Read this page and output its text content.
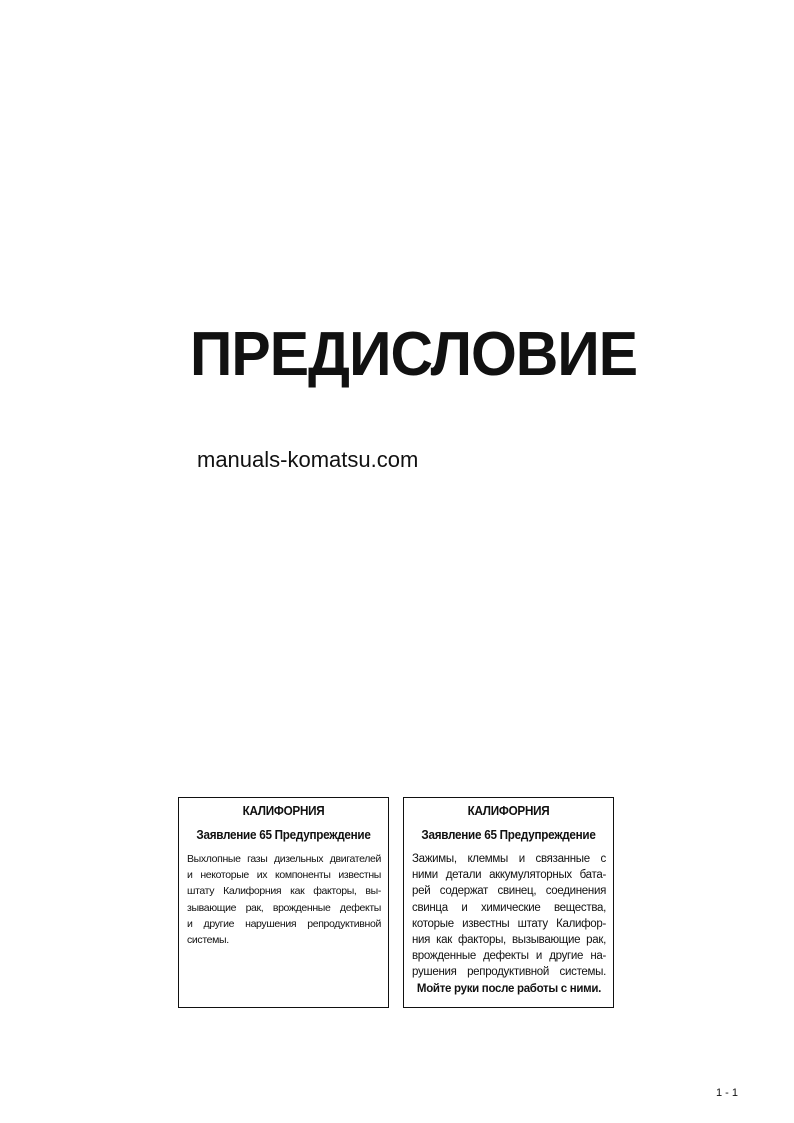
ПРЕДИСЛОВИЕ
manuals-komatsu.com
КАЛИФОРНИЯ
Заявление 65 Предупреждение
Выхлопные газы дизельных двигателей
и некоторые их компоненты известны
штату Калифорния как факторы, вы-
зывающие рак, врожденные дефекты
и другие нарушения репродуктивной
системы.
КАЛИФОРНИЯ
Заявление 65 Предупреждение
Зажимы, клеммы и связанные с
ними детали аккумуляторных бата-
рей содержат свинец, соединения
свинца и химические вещества,
которые известны штату Калифор-
ния как факторы, вызывающие рак,
врожденные дефекты и другие на-
рушения репродуктивной системы.
Мойте руки после работы с ними.
1 - 1
